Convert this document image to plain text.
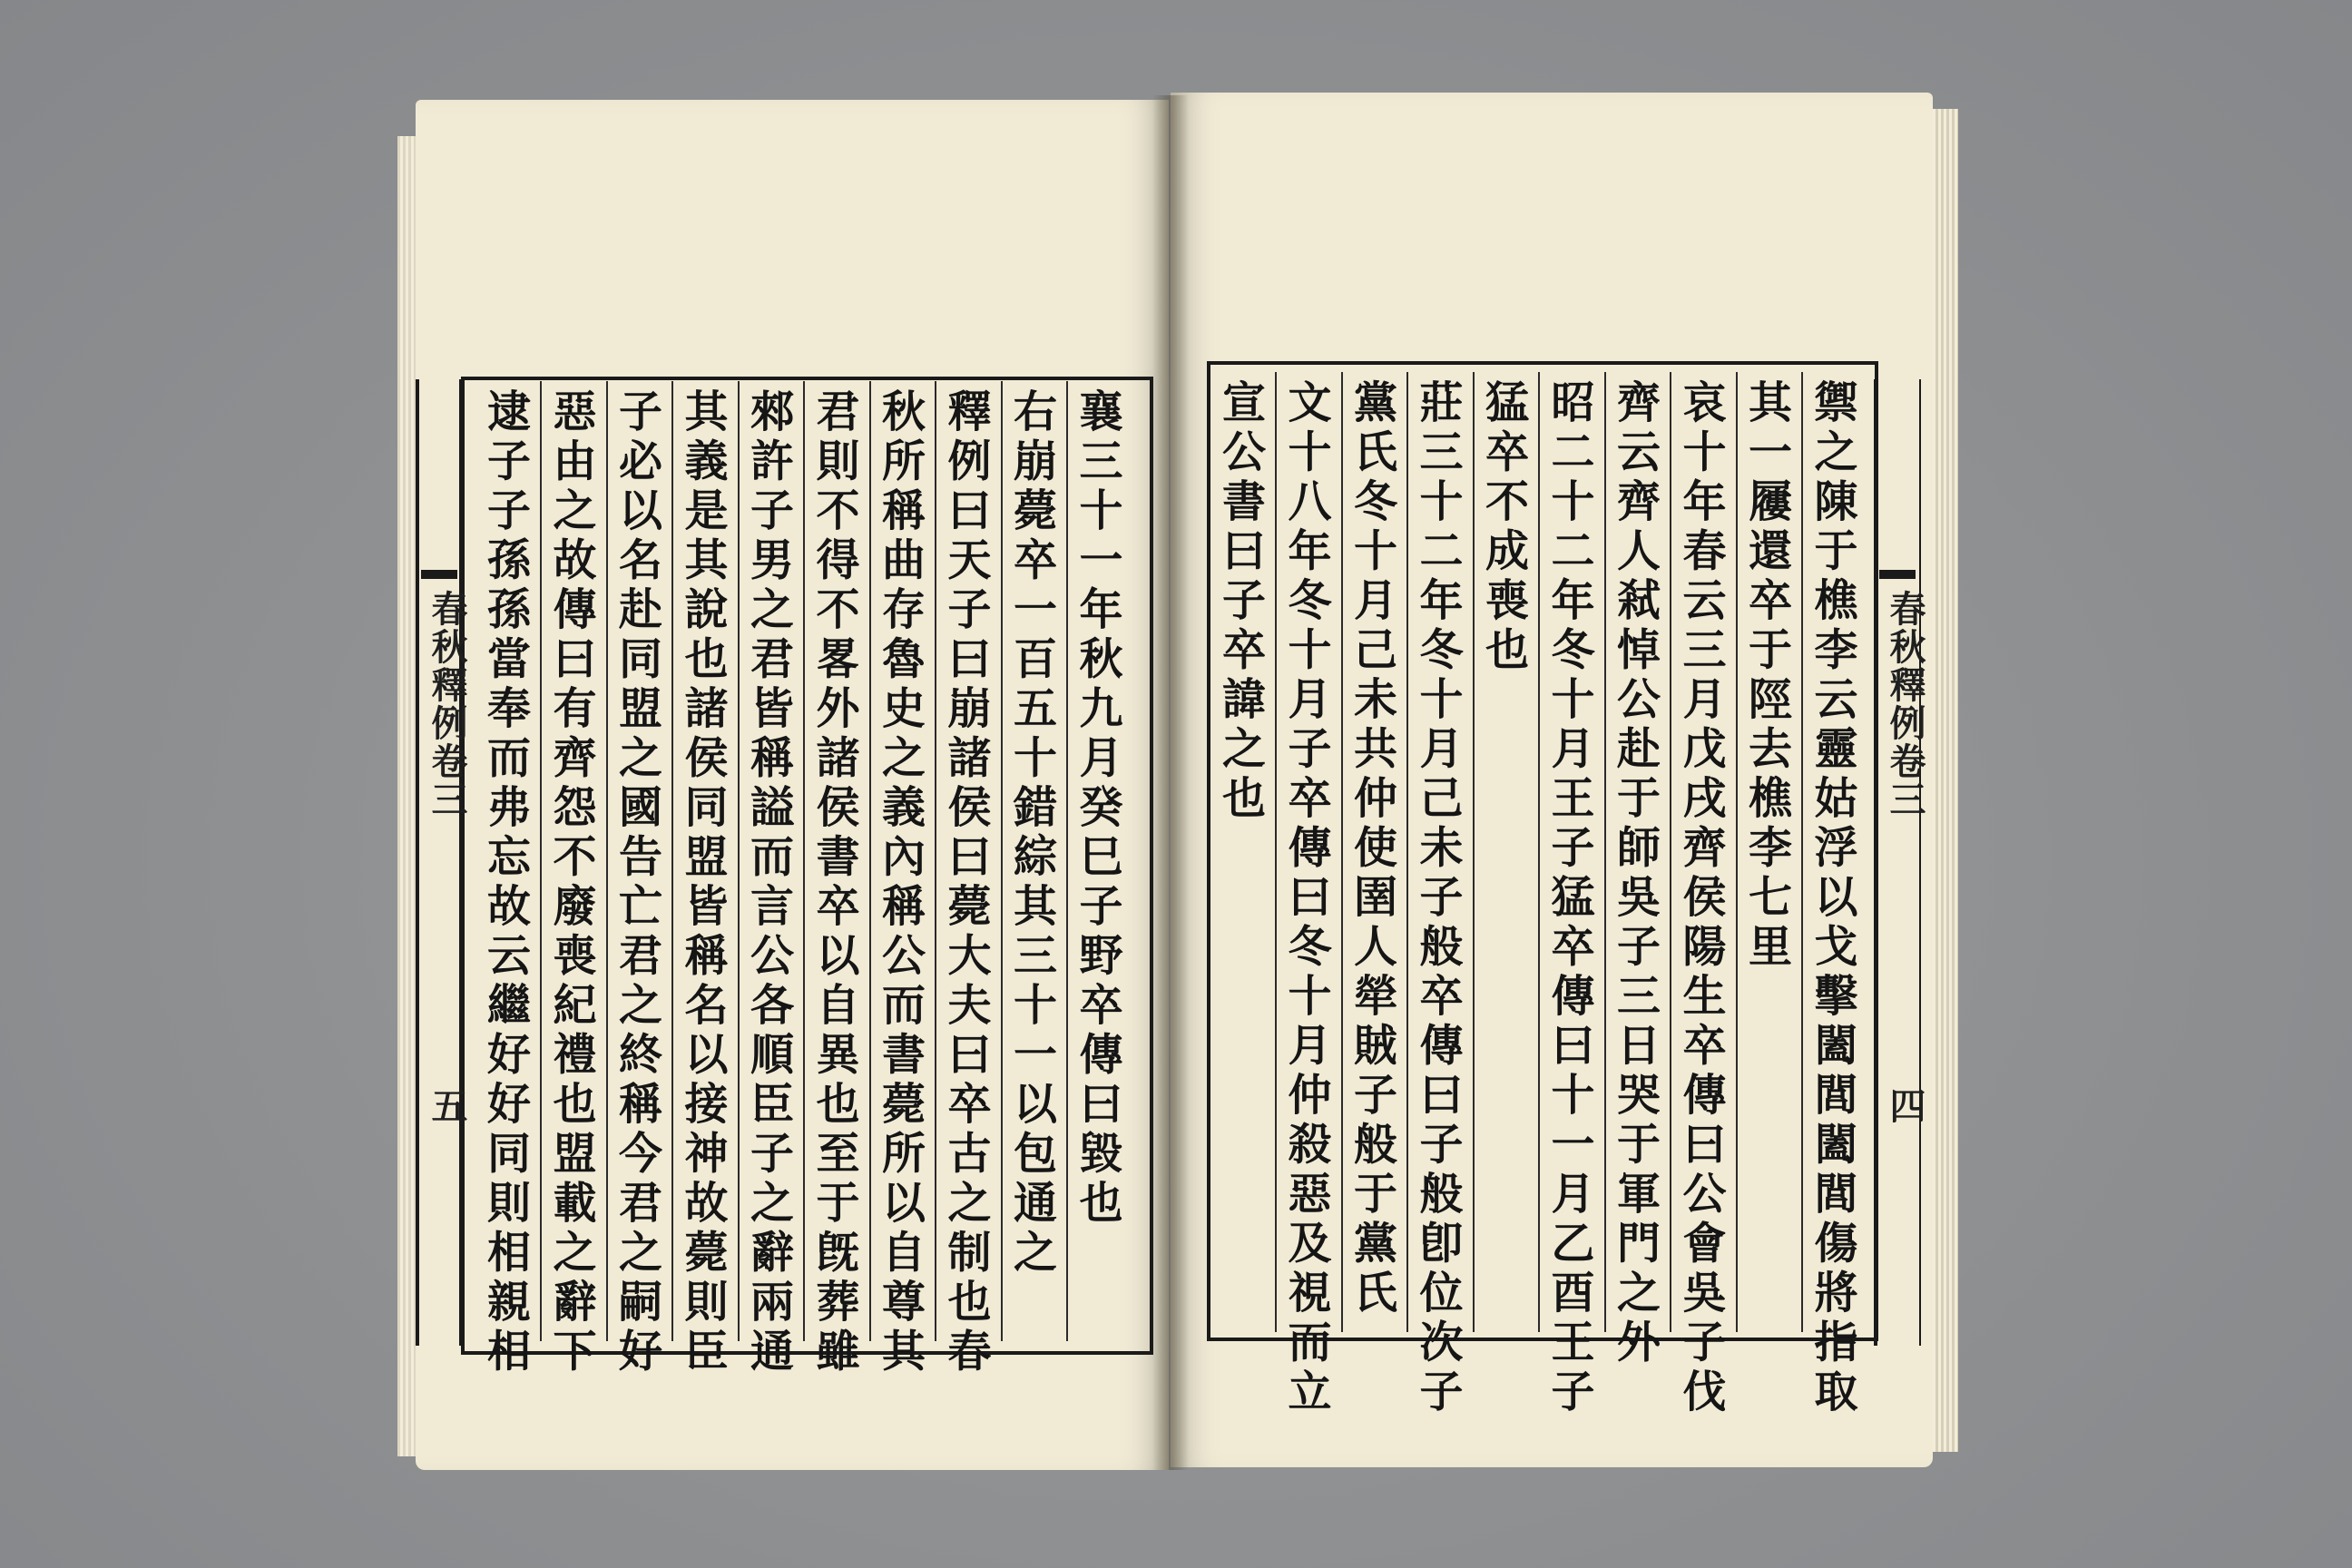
春秋釋例卷三
五	襄三十一年秋九月癸巳子野卒傳曰毀也
右崩薨卒一百五十錯綜其三十一以包通之
釋例曰天子曰崩諸侯曰薨大夫曰卒古之制也春
秋所稱曲存魯史之義內稱公而書薨所以自尊其
君則不得不畧外諸侯書卒以自異也至于旣葬雖
郲許子男之君皆稱謚而言公各順臣子之辭兩通
其義是其說也諸侯同盟皆稱名以接神故薨則臣
子必以名赴同盟之國告亡君之終稱今君之嗣好
惡由之故傳曰有齊怨不廢喪紀禮也盟載之辭下
逮子子孫孫當奉而弗忘故云繼好好同則相親相	春秋釋例卷三
四
禦之陳于樵李云靈姑浮以戈擊闔閭闔閭傷將指取
其一屨還卒于陘去樵李七里
哀十年春云三月戊戌齊侯陽生卒傳曰公會吳子伐
齊云齊人弒悼公赴于師吳子三日哭于軍門之外
昭二十二年冬十月王子猛卒傳曰十一月乙酉王子
猛卒不成喪也
莊三十二年冬十月己未子般卒傳曰子般卽位次子
黨氏冬十月己未共仲使圉人犖賊子般于黨氏
文十八年冬十月子卒傳曰冬十月仲殺惡及視而立
宣公書曰子卒諱之也
